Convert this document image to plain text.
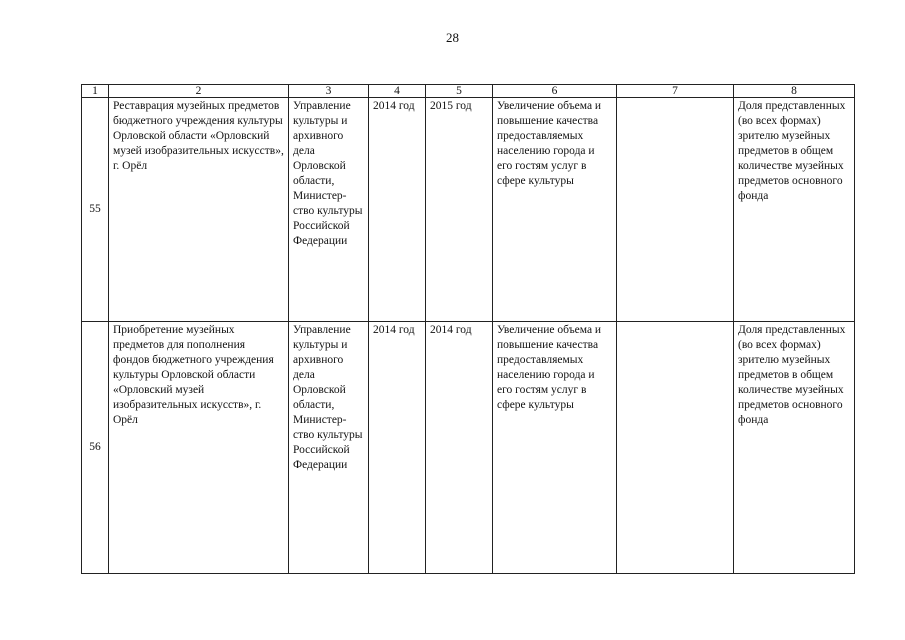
28
1	2	3	4	5	6	7	8
55	Реставрация музейных предметов бюджетного учреждения культуры Орловской области «Орловский музей изобразительных искусств», г. Орёл	Управление культуры и архивного дела Орловской области, Министер-ство культуры Российской Федерации	2014 год	2015 год	Увеличение объема и повышение качества предоставляемых населению города и его гостям услуг в сфере культуры		Доля представленных (во всех формах) зрителю музейных предметов в общем количестве музейных предметов основного фонда
56	Приобретение музейных предметов для пополнения фондов бюджетного учреждения культуры Орловской области «Орловский музей изобразительных искусств», г. Орёл	Управление культуры и архивного дела Орловской области, Министер-ство культуры Российской Федерации	2014 год	2014 год	Увеличение объема и повышение качества предоставляемых населению города и его гостям услуг в сфере культуры		Доля представленных (во всех формах) зрителю музейных предметов в общем количестве музейных предметов основного фонда
